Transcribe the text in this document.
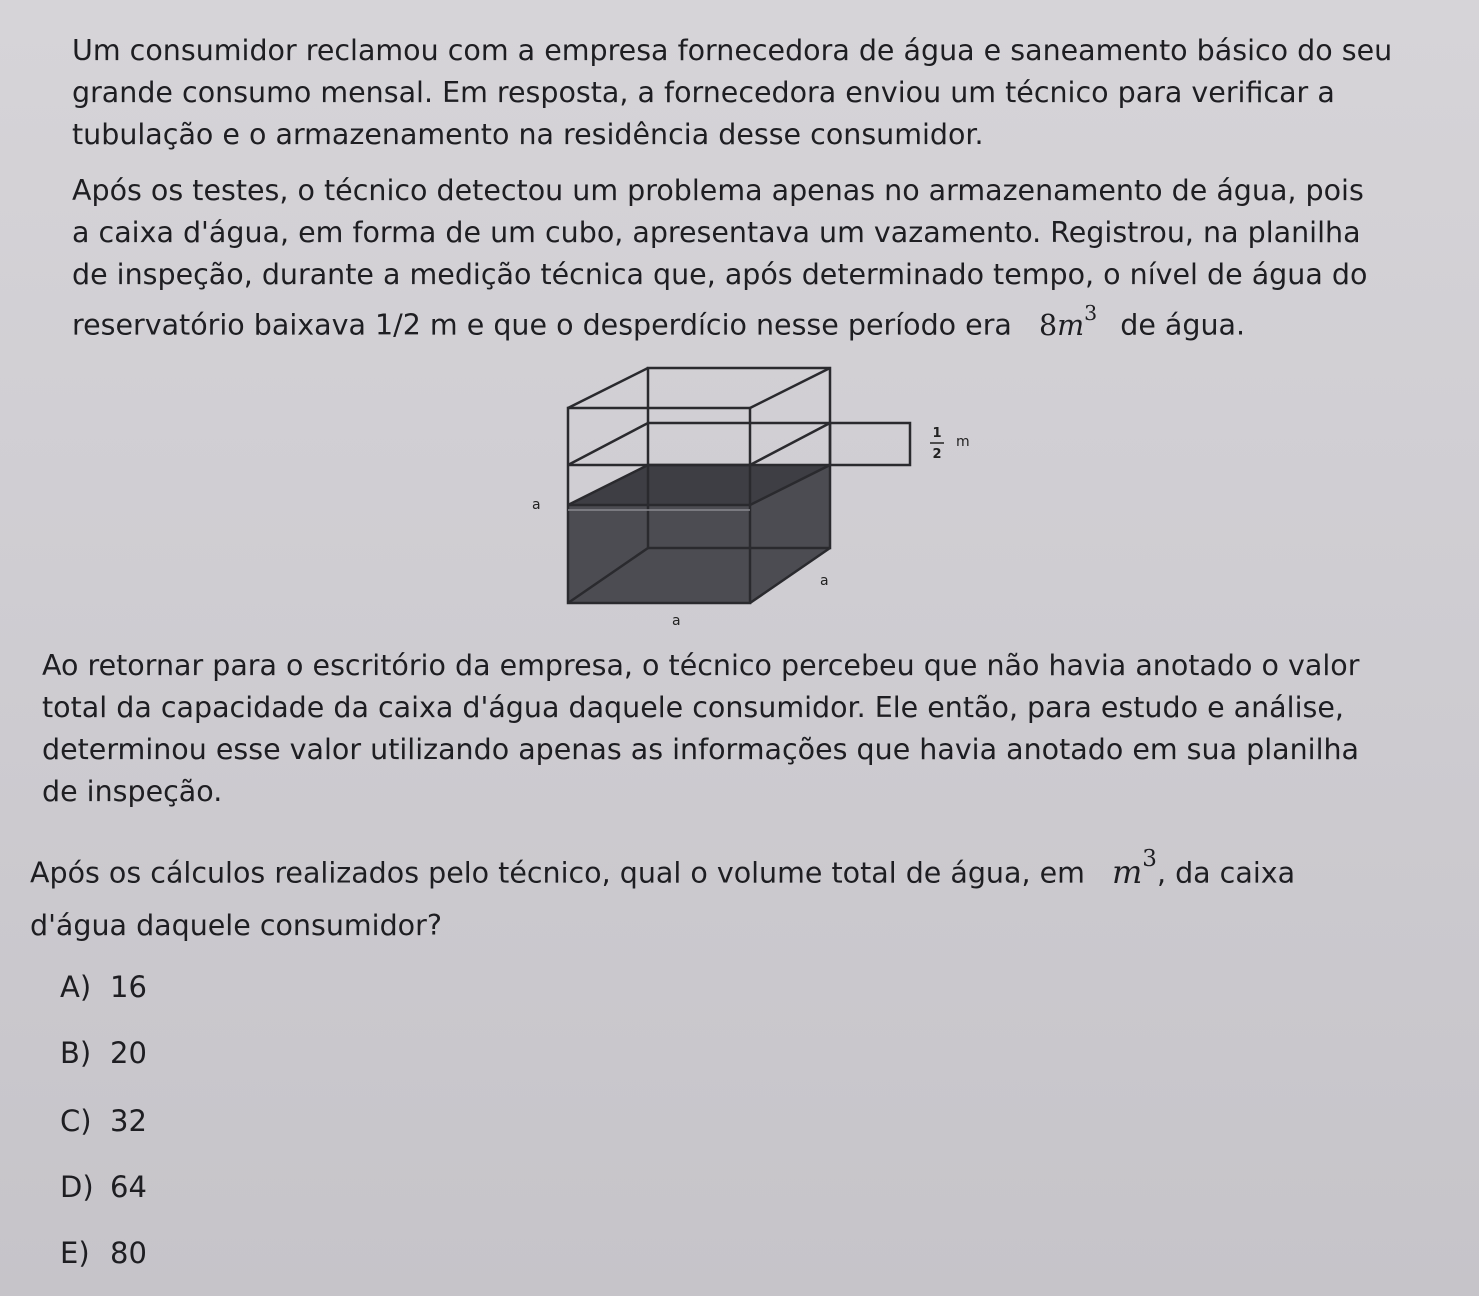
Um consumidor reclamou com a empresa fornecedora de água e saneamento básico do seu
grande consumo mensal. Em resposta, a fornecedora enviou um técnico para verificar a
tubulação e o armazenamento na residência desse consumidor.
Após os testes, o técnico detectou um problema apenas no armazenamento de água, pois
a caixa d'água, em forma de um cubo, apresentava um vazamento. Registrou, na planilha
de inspeção, durante a medição técnica que, após determinado tempo, o nível de água do
reservatório baixava 1/2 m e que o desperdício nesse período era $8m^3$ de água.
1
2
m
a
a
a
Ao retornar para o escritório da empresa, o técnico percebeu que não havia anotado o valor
total da capacidade da caixa d'água daquele consumidor. Ele então, para estudo e análise,
determinou esse valor utilizando apenas as informações que havia anotado em sua planilha
de inspeção.
Após os cálculos realizados pelo técnico, qual o volume total de água, em $m^3$, da caixa
d'água daquele consumidor?
A) 16
B) 20
C) 32
D) 64
E) 80
